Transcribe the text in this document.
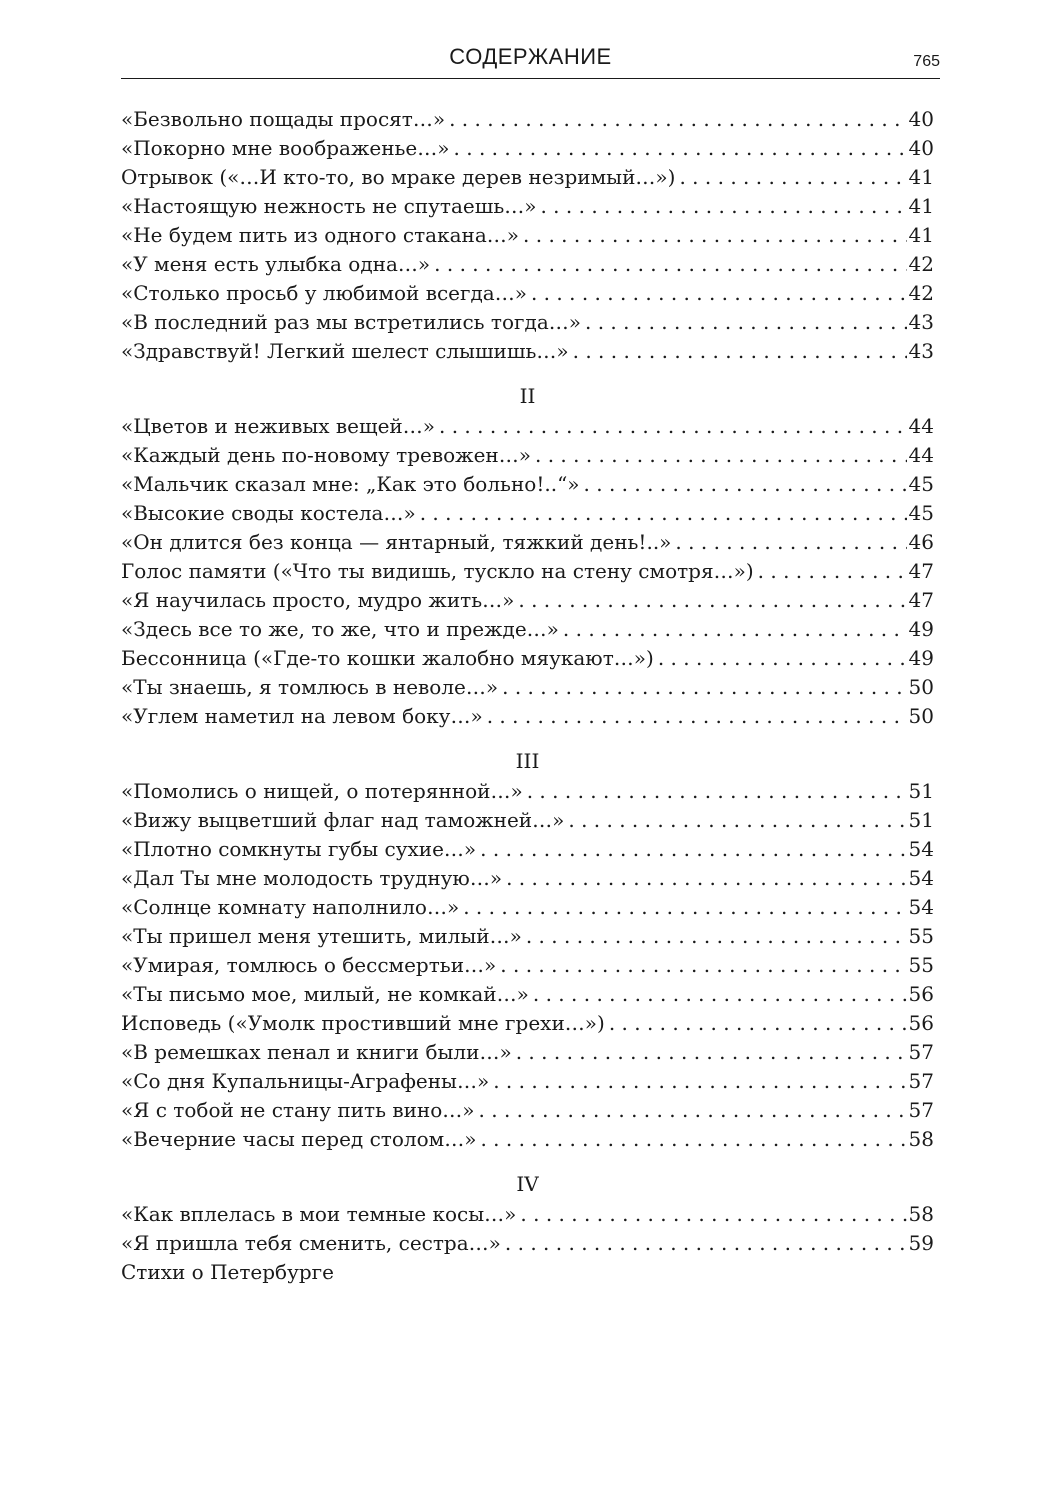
СОДЕРЖАНИЕ	765
«Безвольно пощады просят…» . . .	40
«Покорно мне воображенье…» . . .	40
Отрывок («…И кто-то, во мраке дерев незримый…») . . .	41
«Настоящую нежность не спутаешь…» . . .	41
«Не будем пить из одного стакана…» . . .	41
«У меня есть улыбка одна…» . . .	42
«Столько просьб у любимой всегда…» . . .	42
«В последний раз мы встретились тогда…» . . .	43
«Здравствуй! Легкий шелест слышишь…» . . .	43
II
«Цветов и неживых вещей…» . . .	44
«Каждый день по-новому тревожен…» . . .	44
«Мальчик сказал мне: „Как это больно!..“» . . .	45
«Высокие своды костела…» . . .	45
«Он длится без конца — янтарный, тяжкий день!..» . . .	46
Голос памяти («Что ты видишь, тускло на стену смотря…») . . .	47
«Я научилась просто, мудро жить…» . . .	47
«Здесь все то же, то же, что и прежде…» . . .	49
Бессонница («Где-то кошки жалобно мяукают…») . . .	49
«Ты знаешь, я томлюсь в неволе…» . . .	50
«Углем наметил на левом боку…» . . .	50
III
«Помолись о нищей, о потерянной…» . . .	51
«Вижу выцветший флаг над таможней…» . . .	51
«Плотно сомкнуты губы сухие…» . . .	54
«Дал Ты мне молодость трудную…» . . .	54
«Солнце комнату наполнило…» . . .	54
«Ты пришел меня утешить, милый…» . . .	55
«Умирая, томлюсь о бессмертьи…» . . .	55
«Ты письмо мое, милый, не комкай…» . . .	56
Исповедь («Умолк простивший мне грехи…») . . .	56
«В ремешках пенал и книги были…» . . .	57
«Со дня Купальницы-Аграфены…» . . .	57
«Я с тобой не стану пить вино…» . . .	57
«Вечерние часы перед столом…» . . .	58
IV
«Как вплелась в мои темные косы…» . . .	58
«Я пришла тебя сменить, сестра…» . . .	59
Стихи о Петербурге
